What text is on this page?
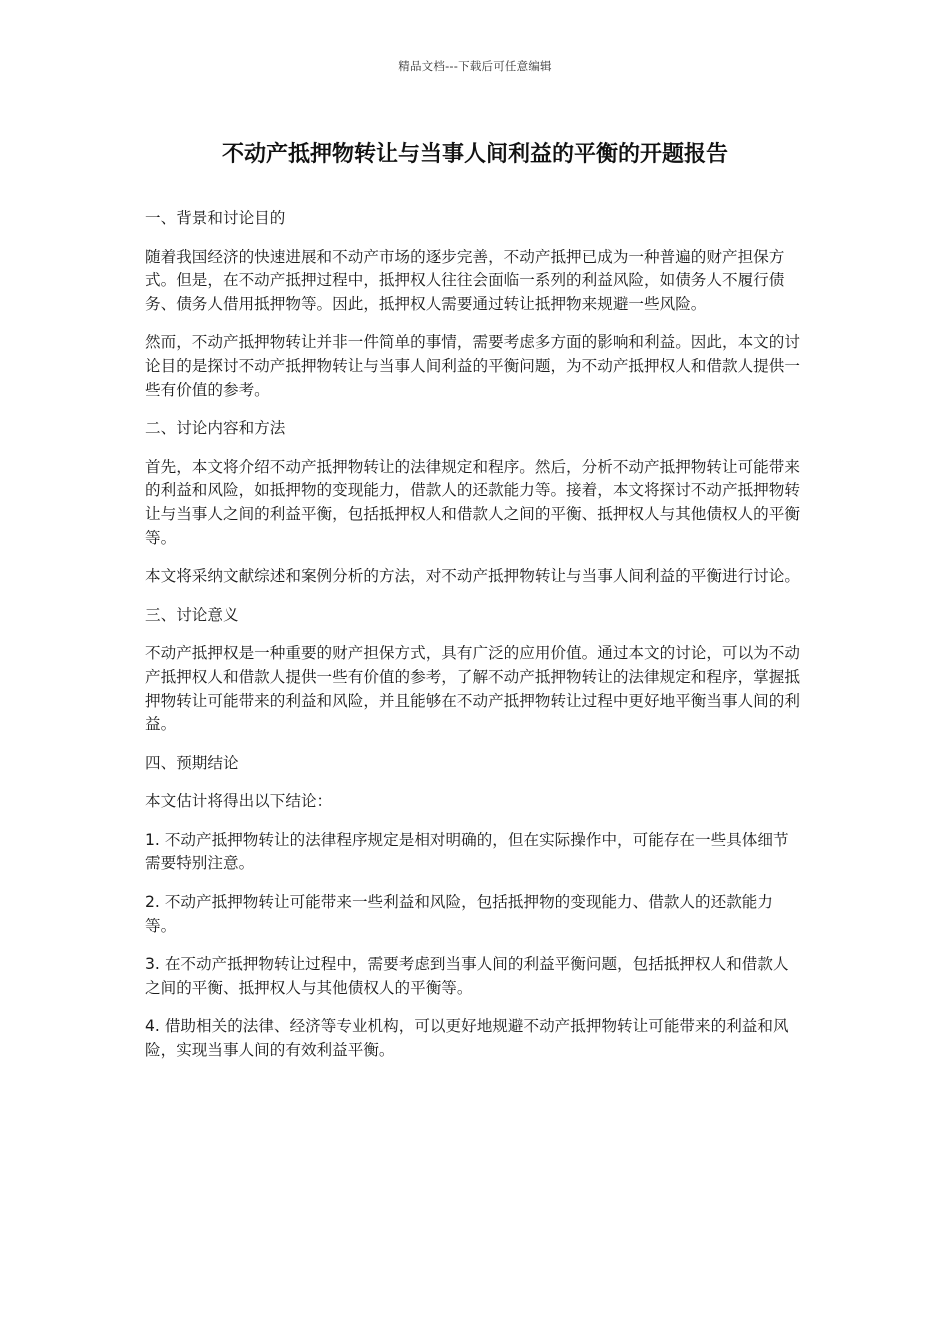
精品文档---下载后可任意编辑
不动产抵押物转让与当事人间利益的平衡的开题报告

一、背景和讨论目的

随着我国经济的快速进展和不动产市场的逐步完善，不动产抵押已成为一种普遍的财产担保方式。但是，在不动产抵押过程中，抵押权人往往会面临一系列的利益风险，如债务人不履行债务、债务人借用抵押物等。因此，抵押权人需要通过转让抵押物来规避一些风险。

然而，不动产抵押物转让并非一件简单的事情，需要考虑多方面的影响和利益。因此，本文的讨论目的是探讨不动产抵押物转让与当事人间利益的平衡问题，为不动产抵押权人和借款人提供一些有价值的参考。

二、讨论内容和方法

首先，本文将介绍不动产抵押物转让的法律规定和程序。然后，分析不动产抵押物转让可能带来的利益和风险，如抵押物的变现能力，借款人的还款能力等。接着，本文将探讨不动产抵押物转让与当事人之间的利益平衡，包括抵押权人和借款人之间的平衡、抵押权人与其他债权人的平衡等。

本文将采纳文献综述和案例分析的方法，对不动产抵押物转让与当事人间利益的平衡进行讨论。

三、讨论意义

不动产抵押权是一种重要的财产担保方式，具有广泛的应用价值。通过本文的讨论，可以为不动产抵押权人和借款人提供一些有价值的参考，了解不动产抵押物转让的法律规定和程序，掌握抵押物转让可能带来的利益和风险，并且能够在不动产抵押物转让过程中更好地平衡当事人间的利益。

四、预期结论

本文估计将得出以下结论：

1. 不动产抵押物转让的法律程序规定是相对明确的，但在实际操作中，可能存在一些具体细节需要特别注意。

2. 不动产抵押物转让可能带来一些利益和风险，包括抵押物的变现能力、借款人的还款能力等。

3. 在不动产抵押物转让过程中，需要考虑到当事人间的利益平衡问题，包括抵押权人和借款人之间的平衡、抵押权人与其他债权人的平衡等。

4. 借助相关的法律、经济等专业机构，可以更好地规避不动产抵押物转让可能带来的利益和风险，实现当事人间的有效利益平衡。
